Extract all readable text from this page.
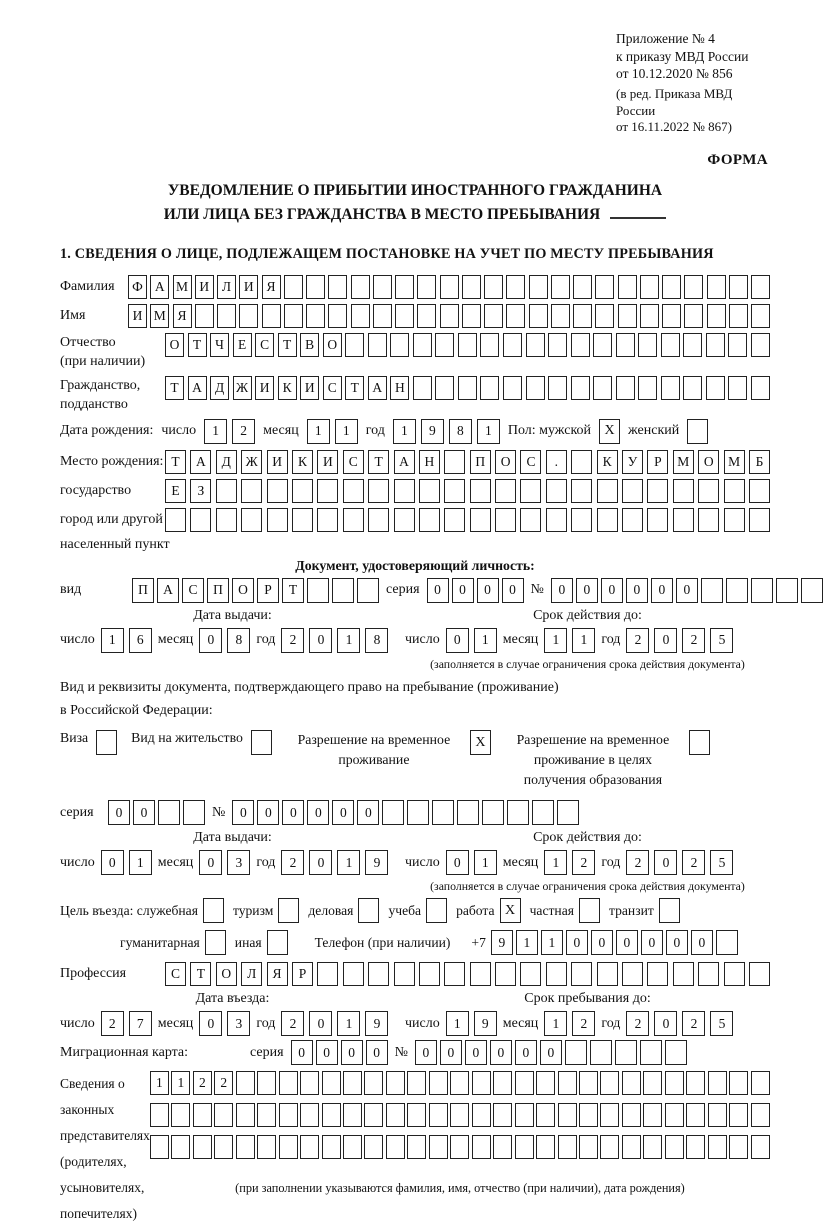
Приложение № 4
к приказу МВД России
от 10.12.2020 № 856
(в ред. Приказа МВД России
от 16.11.2022 № 867)
ФОРМА
УВЕДОМЛЕНИЕ О ПРИБЫТИИ ИНОСТРАННОГО ГРАЖДАНИНА
ИЛИ ЛИЦА БЕЗ ГРАЖДАНСТВА В МЕСТО ПРЕБЫВАНИЯ
1. СВЕДЕНИЯ О ЛИЦЕ, ПОДЛЕЖАЩЕМ ПОСТАНОВКЕ НА УЧЕТ ПО МЕСТУ ПРЕБЫВАНИЯ
Фамилия	Ф А М И Л И Я
Имя	И М Я
Отчество
(при наличии)
О	Т	Ч	Е	С	Т	В О
Гражданство,
подданство
Т	А Д Ж И К И С	Т	А Н
Дата рождения: число	1	2	месяц	1	1	год	1	9	8	1	Пол: мужской X женский
Место рождения: Т	А	Д	Ж	И	К	И	С	Т	А	Н	П	О	С	.	К	У	Р	М	О	М	Б
государство	Е	З
город или другой
населенный пункт
Документ, удостоверяющий личность:
вид	П	А	С	П	О	Р	Т	серия	0	0	0	0	№	0	0	0	0	0	0
Дата выдачи:
число	1	6	месяц	0	8	год	2	0	1	8
Срок действия до:
число	0	1	месяц	1	1	год	2	0	2	5
(заполняется в случае ограничения срока действия документа)
Вид и реквизиты документа, подтверждающего право на пребывание (проживание)
в Российской Федерации:
Виза	Вид на жительство	Разрешение на временное проживание
X	Разрешение на временное проживание в целях получения образования
серия	0	0	№	0	0	0	0	0	0
Дата выдачи:
число	0	1	месяц	0	3	год	2	0	1	9
Срок действия до:
число	0	1	месяц	1	2	год	2	0	2	5
(заполняется в случае ограничения срока действия документа)
Цель въезда: служебная	туризм	деловая	учеба	работа X	частная	транзит
гуманитарная	иная	Телефон (при наличии) +7 9	1	1	0	0	0	0	0	0
Профессия	С	Т	О	Л	Я	Р
Дата въезда:
число	2	7	месяц	0	3	год	2	0	1	9
Срок пребывания до:
число	1	9	месяц	1	2	год	2	0	2	5
Миграционная карта:	серия	0	0	0	0	№	0	0	0	0	0	0
Сведения о
законных
представителях
(родителях,
усыновителях,
попечителях)
1	1	2	2
(при заполнении указываются фамилия, имя, отчество (при наличии), дата рождения)
